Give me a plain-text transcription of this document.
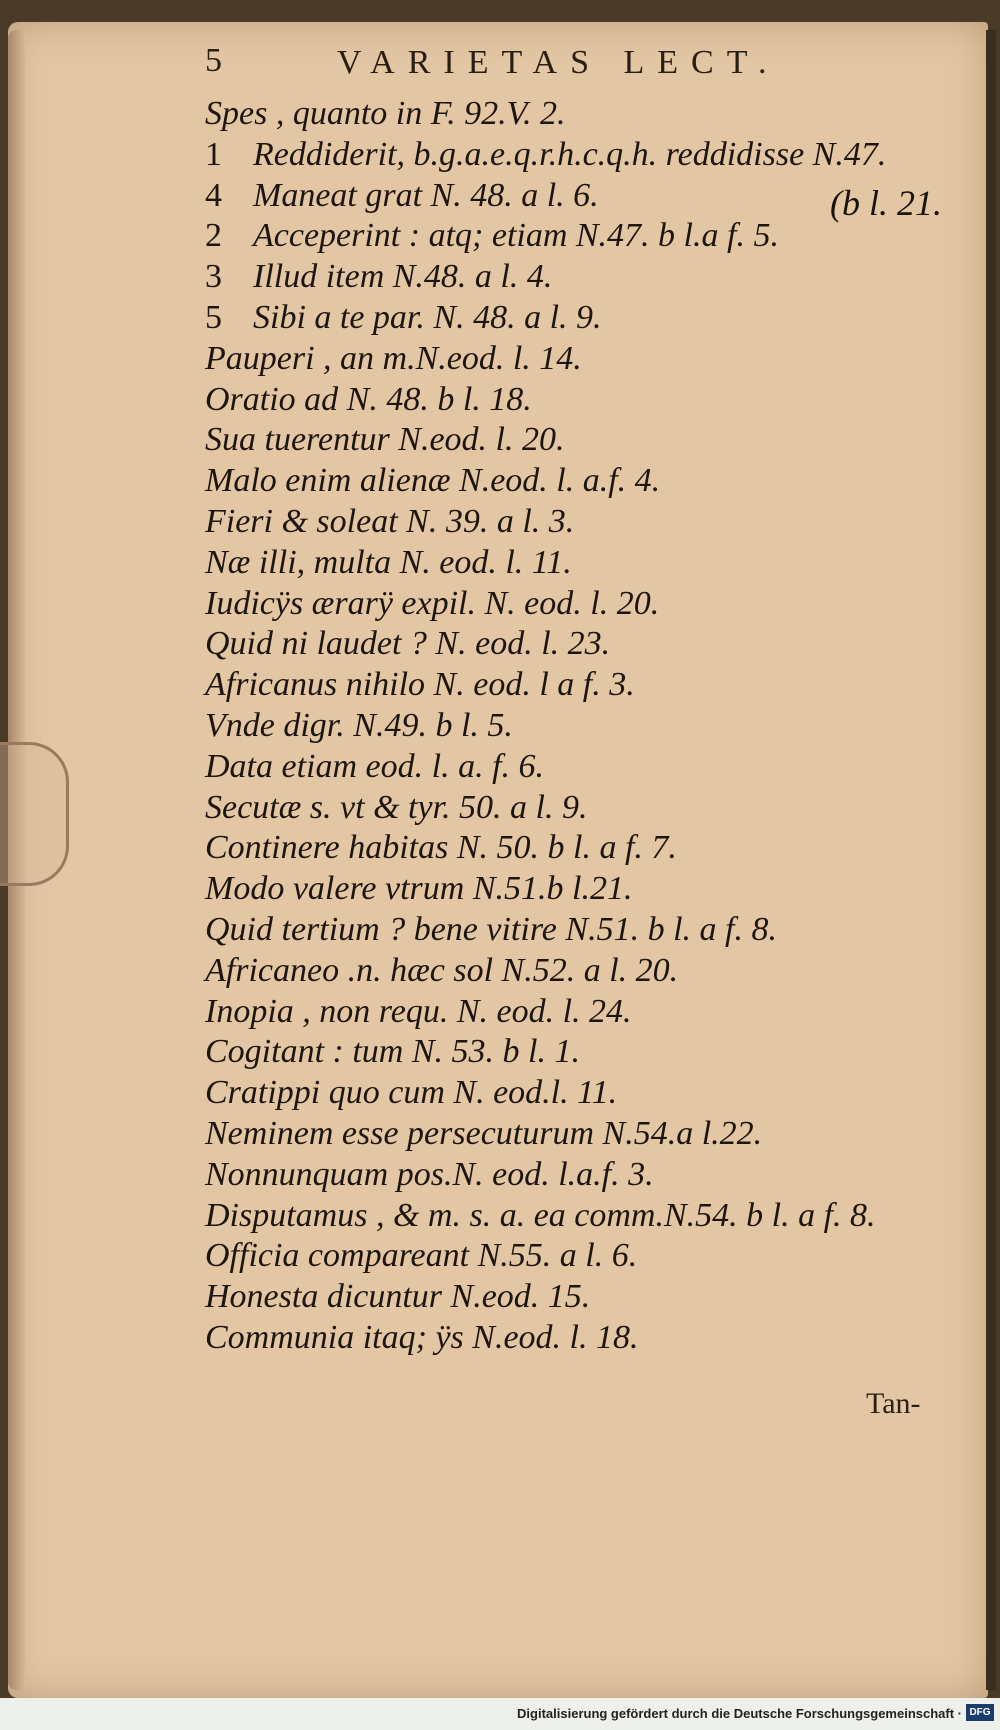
5	VARIETAS LECT.
Spes , quanto in F. 92.V. 2.
1 Reddiderit, b.g.a.e.q.r.h.c.q.h. reddidisse N.47.
4 Maneat grat N. 48. a l. 6.
2 Acceperint : atq; etiam N.47. b l.a f. 5.
3 Illud item N.48. a l. 4.
5 Sibi a te par. N. 48. a l. 9.
Pauperi , an m.N.eod. l. 14.
Oratio ad N. 48. b l. 18.
Sua tuerentur N.eod. l. 20.
Malo enim alienæ N.eod. l. a.f. 4.
Fieri & soleat N. 39. a l. 3.
Næ illi, multa N. eod. l. 11.
Iudicÿs ærarÿ expil. N. eod. l. 20.
Quid ni laudet ? N. eod. l. 23.
Africanus nihilo N. eod. l a f. 3.
Vnde digr. N.49. b l. 5.
Data etiam eod. l. a. f. 6.
Secutæ s. vt & tyr. 50. a l. 9.
Continere habitas N. 50. b l. a f. 7.
Modo valere vtrum N.51.b l.21.
Quid tertium ? bene vitire N.51. b l. a f. 8.
Africaneo .n. hæc sol N.52. a l. 20.
Inopia , non requ. N. eod. l. 24.
Cogitant : tum N. 53. b l. 1.
Cratippi quo cum N. eod.l. 11.
Neminem esse persecuturum N.54.a l.22.
Nonnunquam pos.N. eod. l.a.f. 3.
Disputamus , & m. s. a. ea comm.N.54. b l. a f. 8.
Officia compareant N.55. a l. 6.
Honesta dicuntur N.eod. 15.
Communia itaq; ÿs N.eod. l. 18.
(b l. 21.
Tan-
Digitalisierung gefördert durch die Deutsche Forschungsgemeinschaft · DFG
